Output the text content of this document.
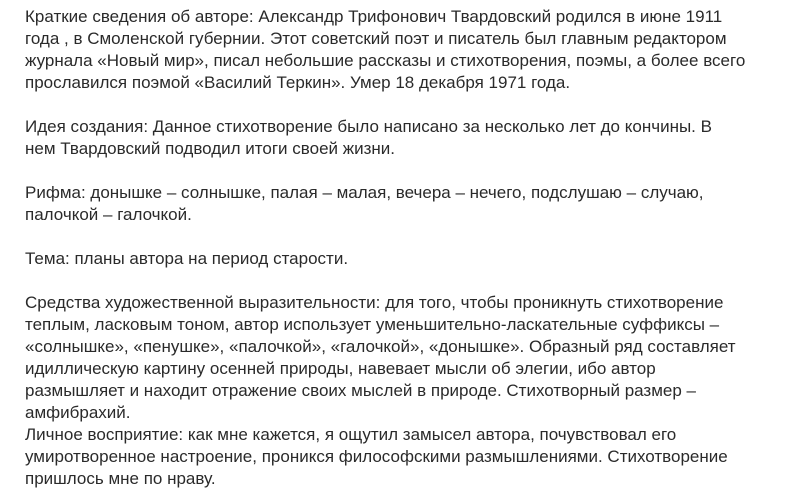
Краткие сведения об авторе: Александр Трифонович Твардовский родился в июне 1911
года , в Смоленской губернии. Этот советский поэт и писатель был главным редактором
журнала «Новый мир», писал небольшие рассказы и стихотворения, поэмы, а более всего
прославился поэмой «Василий Теркин». Умер 18 декабря 1971 года.

Идея создания: Данное стихотворение было написано за несколько лет до кончины. В
нем Твардовский подводил итоги своей жизни.

Рифма: донышке – солнышке, палая – малая, вечера – нечего, подслушаю – случаю,
палочкой – галочкой.

Тема: планы автора на период старости.

Средства художественной выразительности: для того, чтобы проникнуть стихотворение
теплым, ласковым тоном, автор использует уменьшительно-ласкательные суффиксы –
«солнышке», «пенушке», «палочкой», «галочкой», «донышке». Образный ряд составляет
идиллическую картину осенней природы, навевает мысли об элегии, ибо автор
размышляет и находит отражение своих мыслей в природе. Стихотворный размер –
амфибрахий.

Личное восприятие: как мне кажется, я ощутил замысел автора, почувствовал его
умиротворенное настроение, проникся философскими размышлениями. Стихотворение
пришлось мне по нраву.
